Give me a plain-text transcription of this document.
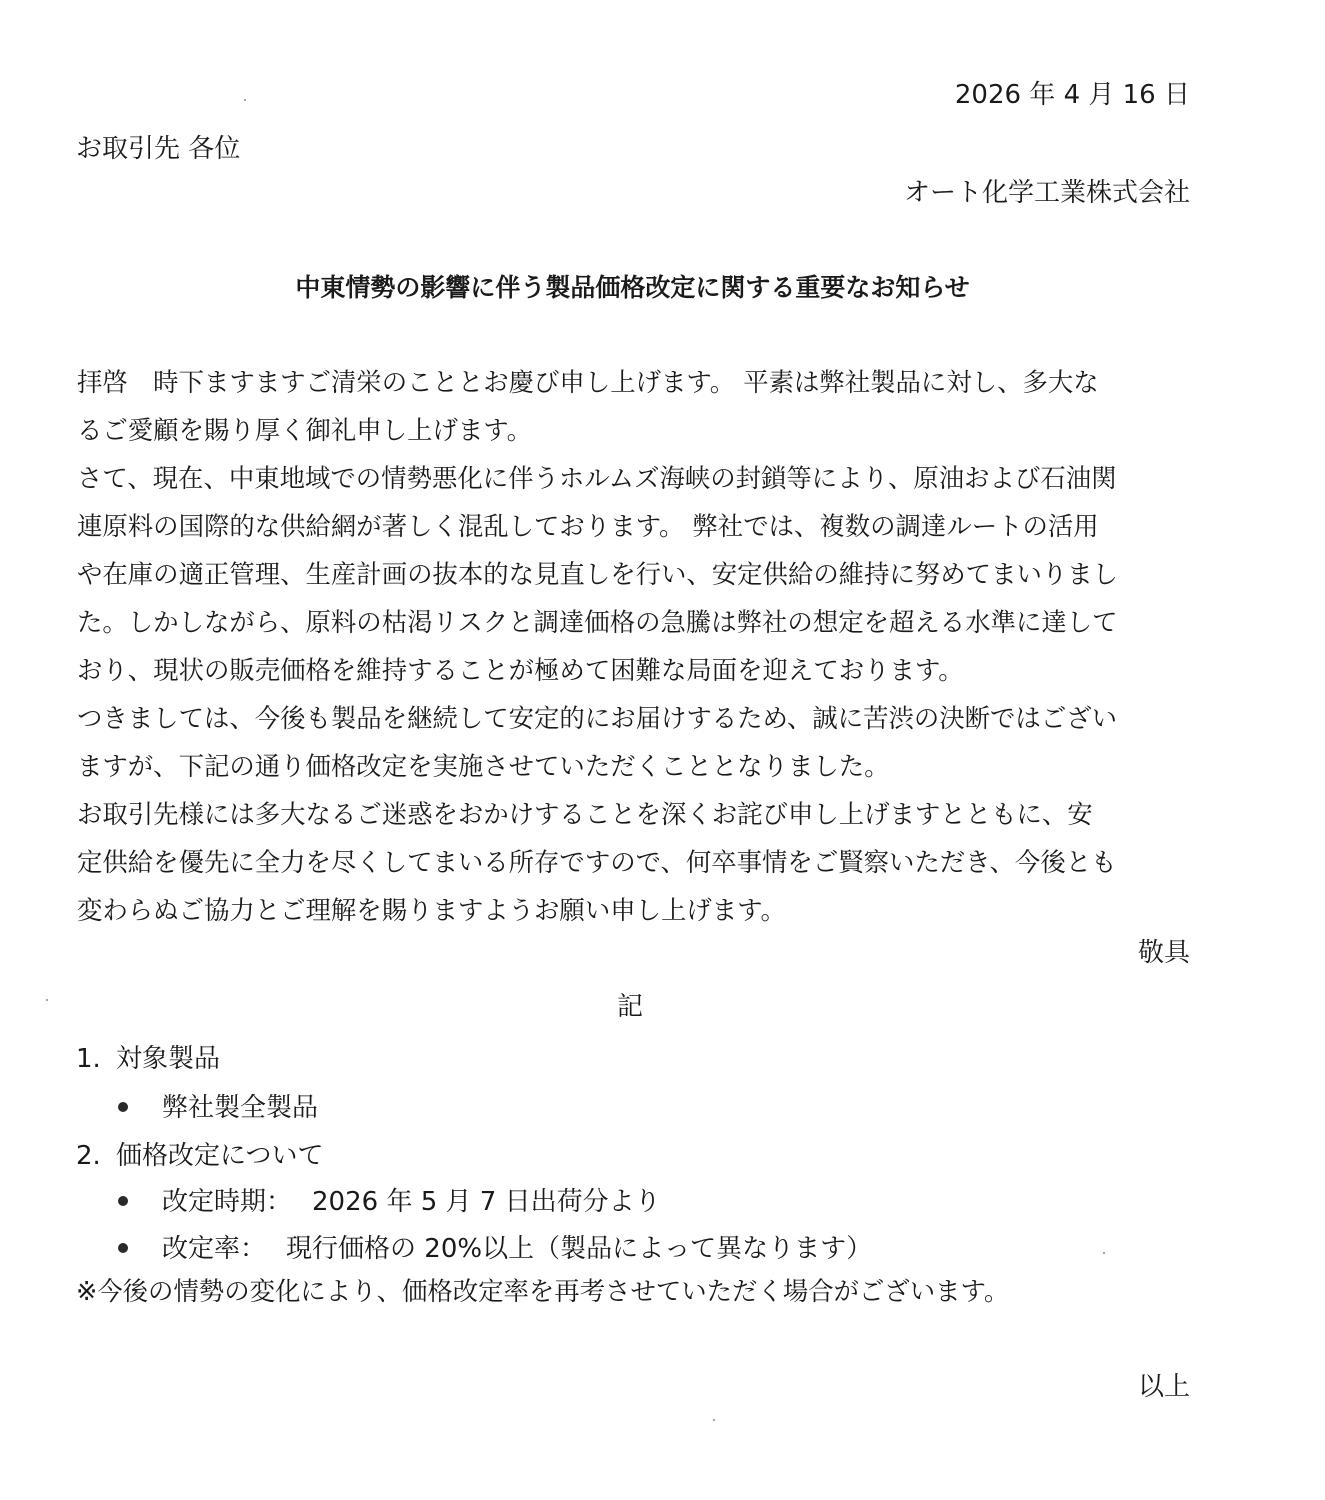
2026 年 4 月 16 日
お取引先 各位
オート化学工業株式会社
中東情勢の影響に伴う製品価格改定に関する重要なお知らせ
拝啓　時下ますますご清栄のこととお慶び申し上げます。 平素は弊社製品に対し、多大な
るご愛顧を賜り厚く御礼申し上げます。
さて、現在、中東地域での情勢悪化に伴うホルムズ海峡の封鎖等により、原油および石油関
連原料の国際的な供給網が著しく混乱しております。 弊社では、複数の調達ルートの活用
や在庫の適正管理、生産計画の抜本的な見直しを行い、安定供給の維持に努めてまいりまし
た。しかしながら、原料の枯渇リスクと調達価格の急騰は弊社の想定を超える水準に達して
おり、現状の販売価格を維持することが極めて困難な局面を迎えております。
つきましては、今後も製品を継続して安定的にお届けするため、誠に苦渋の決断ではござい
ますが、下記の通り価格改定を実施させていただくこととなりました。
お取引先様には多大なるご迷惑をおかけすることを深くお詫び申し上げますとともに、安
定供給を優先に全力を尽くしてまいる所存ですので、何卒事情をご賢察いただき、今後とも
変わらぬご協力とご理解を賜りますようお願い申し上げます。
敬具
記
1. 対象製品
弊社製全製品
2. 価格改定について
改定時期： 2026 年 5 月 7 日出荷分より
改定率： 現行価格の 20%以上（製品によって異なります）
※今後の情勢の変化により、価格改定率を再考させていただく場合がございます。
以上
